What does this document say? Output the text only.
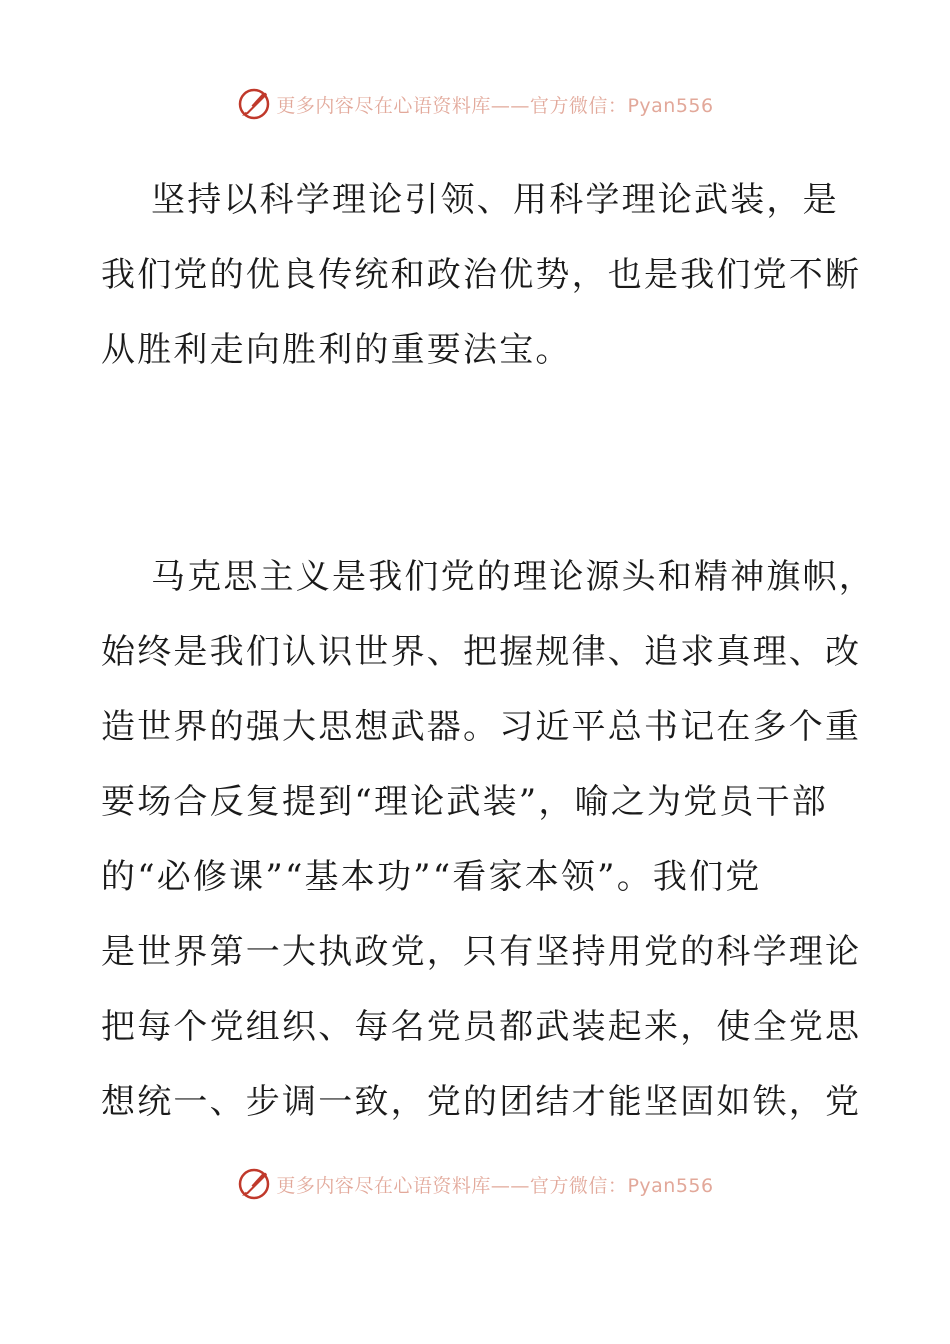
更多内容尽在心语资料库——官方微信：Pyan556
坚持以科学理论引领、用科学理论武装，是
我们党的优良传统和政治优势，也是我们党不断
从胜利走向胜利的重要法宝。
马克思主义是我们党的理论源头和精神旗帜，
始终是我们认识世界、把握规律、追求真理、改
造世界的强大思想武器。习近平总书记在多个重
要场合反复提到“理论武装”，喻之为党员干部
的“必修课”“基本功”“看家本领”。我们党
是世界第一大执政党，只有坚持用党的科学理论
把每个党组织、每名党员都武装起来，使全党思
想统一、步调一致，党的团结才能坚固如铁，党
更多内容尽在心语资料库——官方微信：Pyan556
